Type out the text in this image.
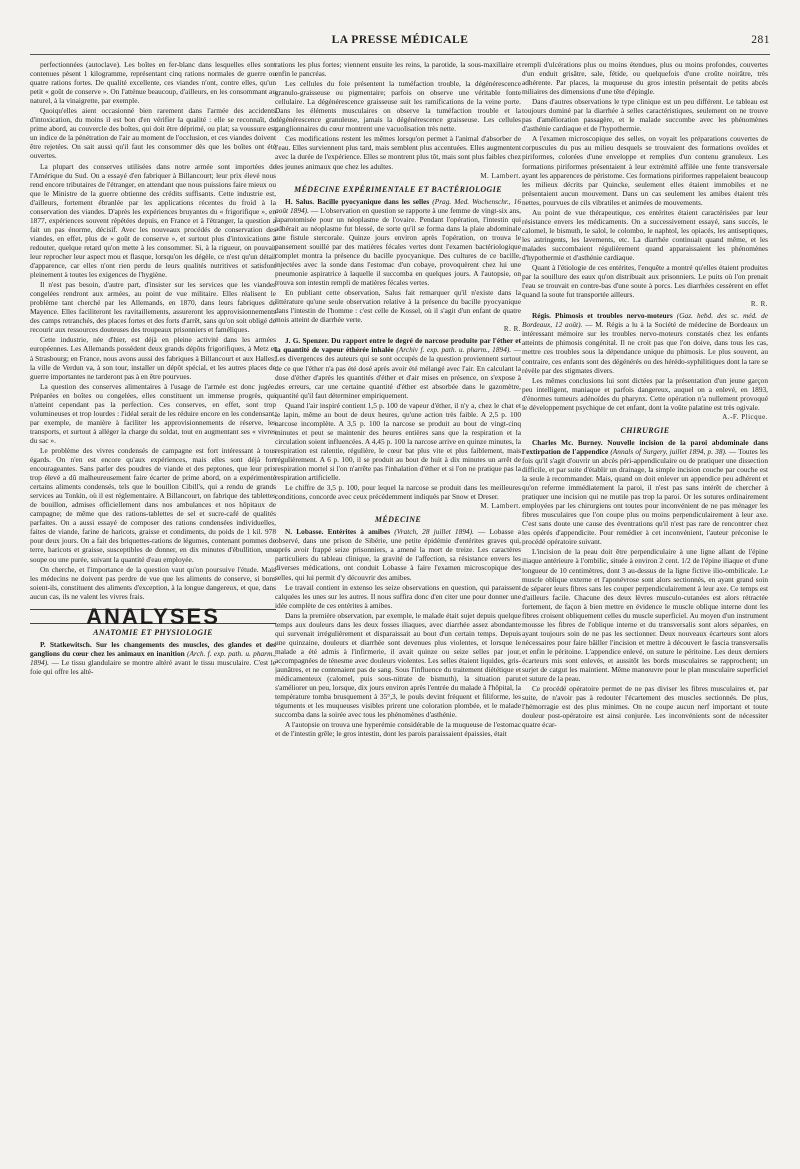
LA PRESSE MÉDICALE	281

perfectionnées (autoclave). Les boîtes en fer-blanc dans lesquelles elles sont contenues pèsent 1 kilogramme, représentant cinq rations normales de guerre ou quatre rations fortes. De qualité excellente, ces viandes n'ont, contre elles, qu'un petit « goût de conserve ». On l'atténue beaucoup, d'ailleurs, en les consommant au naturel, à la vinaigrette, par exemple.

Quoiqu'elles aient occasionné bien rarement dans l'armée des accidents d'intoxication, du moins il est bon d'en vérifier la qualité : elle se reconnaît, de prime abord, au couvercle des boîtes, qui doit être déprimé, ou plat; sa voussure est un indice de la pénétration de l'air au moment de l'occlusion, et ces viandes doivent être rejetées. On sait aussi qu'il faut les consommer dès que les boîtes ont été ouvertes.

La plupart des conserves utilisées dans notre armée sont importées de l'Amérique du Sud. On a essayé d'en fabriquer à Billancourt; leur prix élevé nous rend encore tributaires de l'étranger, en attendant que nous puissions faire mieux ou que le Ministre de la guerre obtienne des crédits suffisants. Cette industrie est, d'ailleurs, fortement ébranlée par les applications récentes du froid à la conservation des viandes. D'après les expériences bruyantes du « frigorifique », en 1877, expériences souvent répétées depuis, en France et à l'étranger, la question a fait un pas énorme, décisif. Avec les nouveaux procédés de conservation des viandes, en effet, plus de « goût de conserve », et surtout plus d'intoxications à redouter, quelque retard qu'on mette à les consommer. Si, à la rigueur, on pouvait leur reprocher leur aspect mou et flasque, lorsqu'on les dégèle, ce n'est qu'un détail d'apparence, car elles n'ont rien perdu de leurs qualités nutritives et satisfont pleinement à toutes les exigences de l'hygiène.

Il n'est pas besoin, d'autre part, d'insister sur les services que les viandes congelées rendront aux armées, au point de vue militaire. Elles réalisent le problème tant cherché par les Allemands, en 1870, dans leurs fabriques de Mayence. Elles faciliteront les ravitaillements, assureront les approvisionnements des camps retranchés, des places fortes et des forts d'arrêt, sans qu'on soit obligé de recourir aux ressources douteuses des troupeaux prisonniers et faméliques.

Cette industrie, née d'hier, est déjà en pleine activité dans les armées européennes. Les Allemands possèdent deux grands dépôts frigorifiques, à Metz et à Strasbourg; en France, nous avons aussi des fabriques à Billancourt et aux Halles; la ville de Verdun va, à son tour, installer un dépôt spécial, et les autres places de guerre importantes ne tarderont pas à en être pourvues.

La question des conserves alimentaires à l'usage de l'armée est donc jugée. Préparées en boîtes ou congelées, elles constituent un immense progrès, qui n'atteint cependant pas la perfection. Ces conserves, en effet, sont trop volumineuses et trop lourdes : l'idéal serait de les réduire encore en les condensant, par exemple, de manière à faciliter les approvisionnements de réserve, les transports, et surtout à alléger la charge du soldat, tout en augmentant ses « vivres du sac ».

Le problème des vivres condensés de campagne est fort intéressant à tous égards. On n'en est encore qu'aux expériences, mais elles sont déjà fort encourageantes. Sans parler des poudres de viande et des peptones, que leur prix trop élevé a dû malheureusement faire écarter de prime abord, on a expérimenté certains aliments condensés, tels que le bouillon Cibill's, qui a rendu de grands services au Tonkin, où il est réglementaire. A Billancourt, on fabrique des tablettes de bouillon, admises officiellement dans nos ambulances et nos hôpitaux de campagne; de même que des rations-tablettes de sel et sucre-café de qualités parfaites. On a aussi essayé de composer des rations condensées individuelles, faites de viande, farine de haricots, graisse et condiments, du poids de 1 kil. 978 pour deux jours. On a fait des briquettes-rations de légumes, contenant pommes de terre, haricots et graisse, susceptibles de donner, en dix minutes d'ébullition, une soupe ou une purée, suivant la quantité d'eau employée.

On cherche, et l'importance de la question vaut qu'on poursuive l'étude. Mais les médecins ne doivent pas perdre de vue que les aliments de conserve, si bons soient-ils, constituent des aliments d'exception, à la longue dangereux, et que, dans aucun cas, ils ne valent les vivres frais.

ANALYSES
ANATOMIE ET PHYSIOLOGIE

P. Statkewitsch. Sur les changements des muscles, des glandes et des ganglions du cœur chez les animaux en inanition (Arch. f. exp. path. u. pharm., 1894). — Le tissu glandulaire se montre altéré avant le tissu musculaire. C'est le foie qui offre les alté-

rations les plus fortes; viennent ensuite les reins, la parotide, la sous-maxillaire et enfin le pancréas.

Les cellules du foie présentent la tuméfaction trouble, la dégénérescence granulo-graisseuse ou pigmentaire; parfois on observe une véritable fonte cellulaire. La dégénérescence graisseuse suit les ramifications de la veine porte. Dans les éléments musculaires on observe la tuméfaction trouble et la dégénérescence granuleuse, jamais la dégénérescence graisseuse. Les cellules ganglionnaires du cœur montrent une vacuolisation très nette.

Ces modifications restent les mêmes lorsqu'on permet à l'animal d'absorber de l'eau. Elles surviennent plus tard, mais semblent plus accentuées. Elles augmentent avec la durée de l'expérience. Elles se montrent plus tôt, mais sont plus faibles chez les jeunes animaux que chez les adultes.

M. Lambert.
MÉDECINE EXPÉRIMENTALE ET BACTÉRIOLOGIE

H. Salus. Bacille pyocyanique dans les selles (Prag. Med. Wochenschr., 16 août 1894). — L'observation en question se rapporte à une femme de vingt-six ans, laparotomisée pour un néoplasme de l'ovaire. Pendant l'opération, l'intestin qui adhérait au néoplasme fut blessé, de sorte qu'il se forma dans la plaie abdominale une fistule stercorale. Quinze jours environ après l'opération, on trouva le pansement souillé par des matières fécales vertes dont l'examen bactériologique complet montra la présence du bacille pyocyanique. Des cultures de ce bacille, injectées avec la sonde dans l'estomac d'un cobaye, provoquèrent chez lui une pneumonie aspiratrice à laquelle il succomba en quelques jours. A l'autopsie, on trouva son intestin rempli de matières fécales vertes.

En publiant cette observation, Salus fait remarquer qu'il n'existe dans la littérature qu'une seule observation relative à la présence du bacille pyocyanique dans l'intestin de l'homme : c'est celle de Kossel, où il s'agit d'un enfant de quatre mois atteint de diarrhée verte.

R. R.

J. G. Spenzer. Du rapport entre le degré de narcose produite par l'éther et la quantité de vapeur éthérée inhalée (Archiv f. exp. path. u. pharm., 1894). — Les divergences des auteurs qui se sont occupés de la question proviennent surtout de ce que l'éther n'a pas été dosé après avoir été mélangé avec l'air. En calculant la dose d'éther d'après les quantités d'éther et d'air mises en présence, on s'expose à des erreurs, car une certaine quantité d'éther est absorbée dans le gazomètre, quantité qu'il faut déterminer empiriquement.

Quand l'air inspiré contient 1,5 p. 100 de vapeur d'éther, il n'y a, chez le chat et le lapin, même au bout de deux heures, qu'une action très faible. A 2,5 p. 100 narcose incomplète. A 3,5 p. 100 la narcose se produit au bout de vingt-cinq minutes et peut se maintenir des heures entières sans que la respiration et la circulation soient influencées. A 4,45 p. 100 la narcose arrive en quinze minutes, la respiration est ralentie, régulière, le cœur bat plus vite et plus faiblement, mais régulièrement. A 6 p. 100, il se produit au bout de huit à dix minutes un arrêt de respiration mortel si l'on n'arrête pas l'inhalation d'éther et si l'on ne pratique pas la respiration artificielle.

Le chiffre de 3,5 p. 100, pour lequel la narcose se produit dans les meilleures conditions, concorde avec ceux précédemment indiqués par Snow et Dreser.

M. Lambert.
MÉDECINE

N. Lobasse. Entérites à amibes (Vratch, 28 juillet 1894). — Lobasse a observé, dans une prison de Sibérie, une petite épidémie d'entérites graves qui, après avoir frappé seize prisonniers, a amené la mort de treize. Les caractères particuliers du tableau clinique, la gravité de l'affection, sa résistance envers les diverses médications, ont conduit Lobasse à faire l'examen microscopique des selles, qui lui permit d'y découvrir des amibes.

Le travail contient in extenso les seize observations en question, qui paraissent calquées les unes sur les autres. Il nous suffira donc d'en citer une pour donner une idée complète de ces entérites à amibes.

Dans la première observation, par exemple, le malade était sujet depuis quelque temps aux douleurs dans les deux fosses iliaques, avec diarrhée assez abondante qui survenait irrégulièrement et disparaissait au bout d'un certain temps. Depuis une quinzaine, douleurs et diarrhée sont devenues plus violentes, et lorsque le malade a été admis à l'infirmerie, il avait quinze ou seize selles par jour, accompagnées de ténesme avec douleurs violentes. Les selles étaient liquides, gris-jaunâtres, et ne contenaient pas de sang. Sous l'influence du traitement diététique et médicamenteux (calomel, puis sous-nitrate de bismuth), la situation parut s'améliorer un peu, lorsque, dix jours environ après l'entrée du malade à l'hôpital, la température tomba brusquement à 35°,3, le pouls devint fréquent et filiforme, les téguments et les muqueuses visibles prirent une coloration plombée, et le malade succomba dans la soirée avec tous les phénomènes d'asthénie.

A l'autopsie on trouva une hyperémie considérable de la muqueuse de l'estomac et de l'intestin grêle; le gros intestin, dont les parois paraissaient épaissies, était

rempli d'ulcérations plus ou moins étendues, plus ou moins profondes, couvertes d'un enduit grisâtre, sale, fétide, ou quelquefois d'une croûte noirâtre, très adhérente. Par places, la muqueuse du gros intestin présentait de petits abcès miliaires des dimensions d'une tête d'épingle.

Dans d'autres observations le type clinique est un peu différent. Le tableau est toujours dominé par la diarrhée à selles caractéristiques, seulement on ne trouve pas d'amélioration passagère, et le malade succombe avec les phénomènes d'asthénie cardiaque et de l'hypothermie.

A l'examen microscopique des selles, on voyait les préparations couvertes de corpuscules du pus au milieu desquels se trouvaient des formations ovoïdes et piriformes, colorées d'une enveloppe et remplies d'un contenu granuleux. Les formations piriformes présentaient à leur extrémité affilée une fente transversale ayant les apparences de péristome. Ces formations piriformes rappelaient beaucoup les milieux décrits par Quincke, seulement elles étaient immobiles et ne présentaient aucun mouvement. Dans un cas seulement les amibes étaient très nettes, pourvues de cils vibratiles et animées de mouvements.

Au point de vue thérapeutique, ces entérites étaient caractérisées par leur résistance envers les médicaments. On a successivement essayé, sans succès, le calomel, le bismuth, le salol, le colombo, le naphtol, les opiacés, les antiseptiques, les astringents, les lavements, etc. La diarrhée continuait quand même, et les malades succombaient régulièrement quand apparaissaient les phénomènes d'hypothermie et d'asthénie cardiaque.

Quant à l'étiologie de ces entérites, l'enquête a montré qu'elles étaient produites par la souillure des eaux qu'on distribuait aux prisonniers. Le puits où l'on prenait l'eau se trouvait en contre-bas d'une soute à porcs. Les diarrhées cessèrent en effet quand la soute fut transportée ailleurs.

R. R.

Régis. Phimosis et troubles nervo-moteurs (Gaz. hebd. des sc. méd. de Bordeaux, 12 août). — M. Régis a lu à la Société de médecine de Bordeaux un intéressant mémoire sur les troubles nervo-moteurs constatés chez les enfants atteints de phimosis congénital. Il ne croit pas que l'on doive, dans tous les cas, mettre ces troubles sous la dépendance unique du phimosis. Le plus souvent, au contraire, ces enfants sont des dégénérés ou des hérédo-syphilitiques dont la tare se révèle par des stigmates divers.

Les mêmes conclusions lui sont dictées par la présentation d'un jeune garçon peu intelligent, maniaque et parfois dangereux, auquel on a enlevé, en 1893, d'énormes tumeurs adénoïdes du pharynx. Cette opération n'a nullement provoqué le développement psychique de cet enfant, dont la voûte palatine est très ogivale.

A.-F. Plicque.
CHIRURGIE

Charles Mc. Burney. Nouvelle incision de la paroi abdominale dans l'extirpation de l'appendice (Annals of Surgery, juillet 1894, p. 38). — Toutes les fois qu'il s'agit d'ouvrir un abcès péri-appendiculaire ou de pratiquer une dissection difficile, et par suite d'établir un drainage, la simple incision couche par couche est la seule à recommander. Mais, quand on doit enlever un appendice peu adhérent et qu'on referme immédiatement la paroi, il n'est pas sans intérêt de chercher à pratiquer une incision qui ne mutile pas trop la paroi. Or les sutures ordinairement employées par les chirurgiens ont toutes pour inconvénient de ne pas ménager les fibres musculaires que l'on coupe plus ou moins perpendiculairement à leur axe. C'est sans doute une cause des éventrations qu'il n'est pas rare de rencontrer chez les opérés d'appendicite. Pour remédier à cet inconvénient, l'auteur préconise le procédé opératoire suivant.

L'incision de la peau doit être perpendiculaire à une ligne allant de l'épine iliaque antérieure à l'ombilic, située à environ 2 cent. 1/2 de l'épine iliaque et d'une longueur de 10 centimètres, dont 3 au-dessus de la ligne fictive ilio-ombilicale. Le muscle oblique externe et l'aponévrose sont alors sectionnés, en ayant grand soin de séparer leurs fibres sans les couper perpendiculairement à leur axe. Ce temps est d'ailleurs facile. Chacune des deux lèvres musculo-cutanées est alors rétractée fortement, de façon à bien mettre en évidence le muscle oblique interne dont les fibres croisent obliquement celles du muscle superficiel. Au moyen d'un instrument mousse les fibres de l'oblique interne et du transversalis sont alors séparées, en ayant toujours soin de ne pas les sectionner. Deux nouveaux écarteurs sont alors nécessaires pour faire bâiller l'incision et mettre à découvert le fascia transversalis et enfin le péritoine. L'appendice enlevé, on suture le péritoine. Les deux derniers écarteurs mis sont enlevés, et aussitôt les bords musculaires se rapprochent; un surjet de catgut les maintient. Même manœuvre pour le plan musculaire superficiel et suture de la peau.

Ce procédé opératoire permet de ne pas diviser les fibres musculaires et, par suite, de n'avoir pas à redouter l'écartement des muscles sectionnés. De plus, l'hémorragie est des plus minimes. On ne coupe aucun nerf important et toute douleur post-opératoire est ainsi conjurée. Les inconvénients sont de nécessiter quatre écar-
